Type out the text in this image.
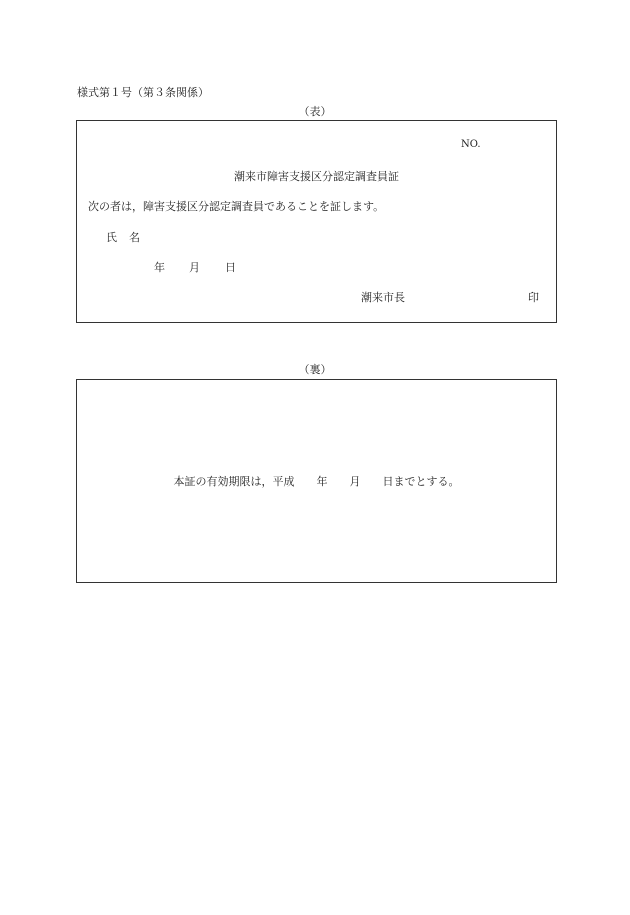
様式第１号（第３条関係）
（表）
NO.
潮来市障害支援区分認定調査員証
次の者は，障害支援区分認定調査員であることを証します。
氏 名
年 月 日
潮来市長	印
（裏）
本証の有効期限は，平成 年 月 日までとする。
